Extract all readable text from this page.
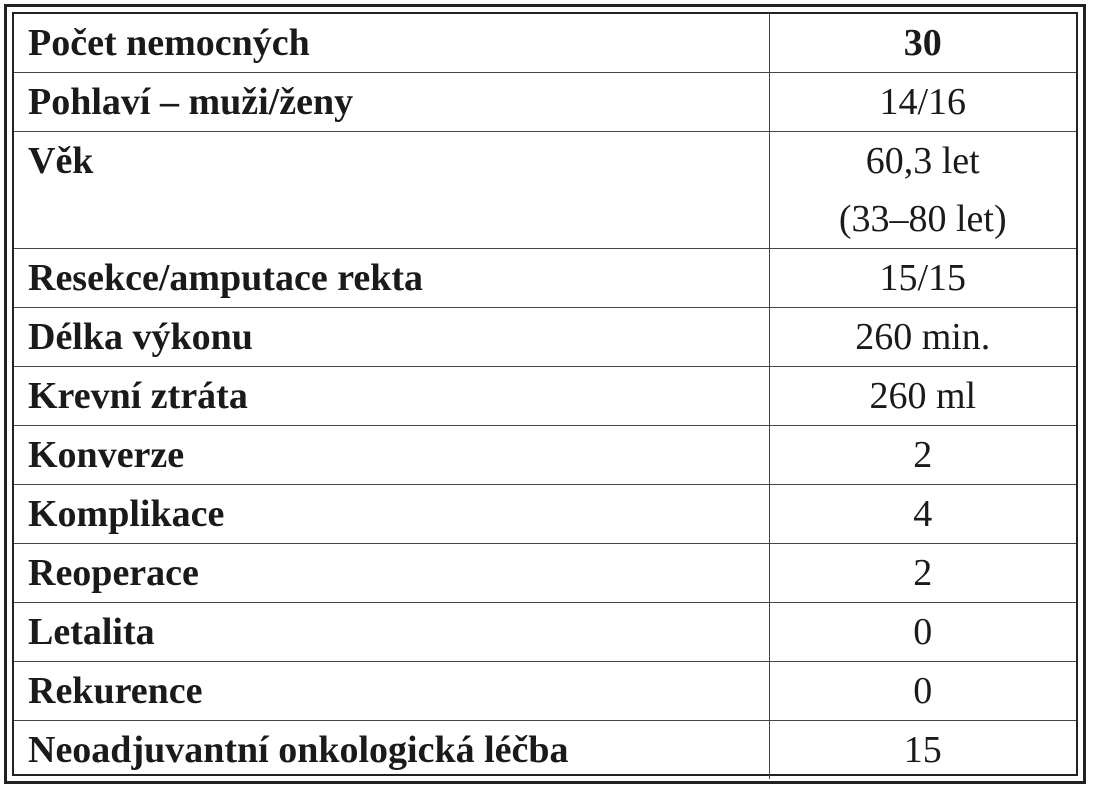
Počet nemocných	30
Pohlaví – muži/ženy	14/16
Věk	60,3 let
(33–80 let)

Resekce/amputace rekta	15/15
Délka výkonu	260 min.
Krevní ztráta	260 ml
Konverze	2
Komplikace	4
Reoperace	2
Letalita	0
Rekurence	0
Neoadjuvantní onkologická léčba	15
